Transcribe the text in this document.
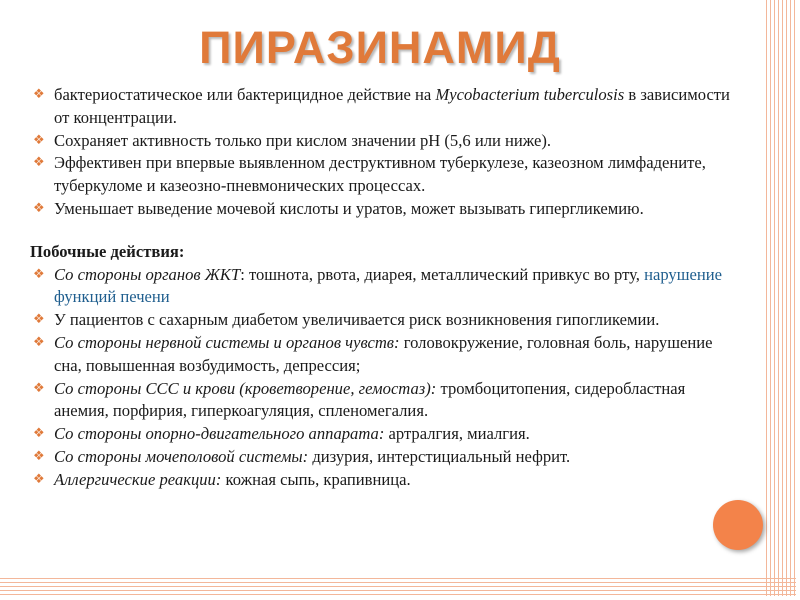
ПИРАЗИНАМИД
❖ бактериостатическое или бактерицидное действие на Mycobacterium tuberculosis в зависимости от концентрации.
❖ Сохраняет активность только при кислом значении рН (5,6 или ниже).
❖ Эффективен при впервые выявленном деструктивном туберкулезе, казеозном лимфадените, туберкуломе и казеозно-пневмонических процессах.
❖ Уменьшает выведение мочевой кислоты и уратов, может вызывать гипергликемию.
Побочные действия:
❖ Со стороны органов ЖКТ: тошнота, рвота, диарея, металлический привкус во рту, нарушение функций печени
❖ У пациентов с сахарным диабетом увеличивается риск возникновения гипогликемии.
❖ Со стороны нервной системы и органов чувств: головокружение, головная боль, нарушение сна, повышенная возбудимость, депрессия;
❖ Со стороны ССС и крови (кроветворение, гемостаз): тромбоцитопения, сидеробластная анемия, порфирия, гиперкоагуляция, спленомегалия.
❖ Со стороны опорно-двигательного аппарата: артралгия, миалгия.
❖ Со стороны мочеполовой системы: дизурия, интерстициальный нефрит.
❖ Аллергические реакции: кожная сыпь, крапивница.
